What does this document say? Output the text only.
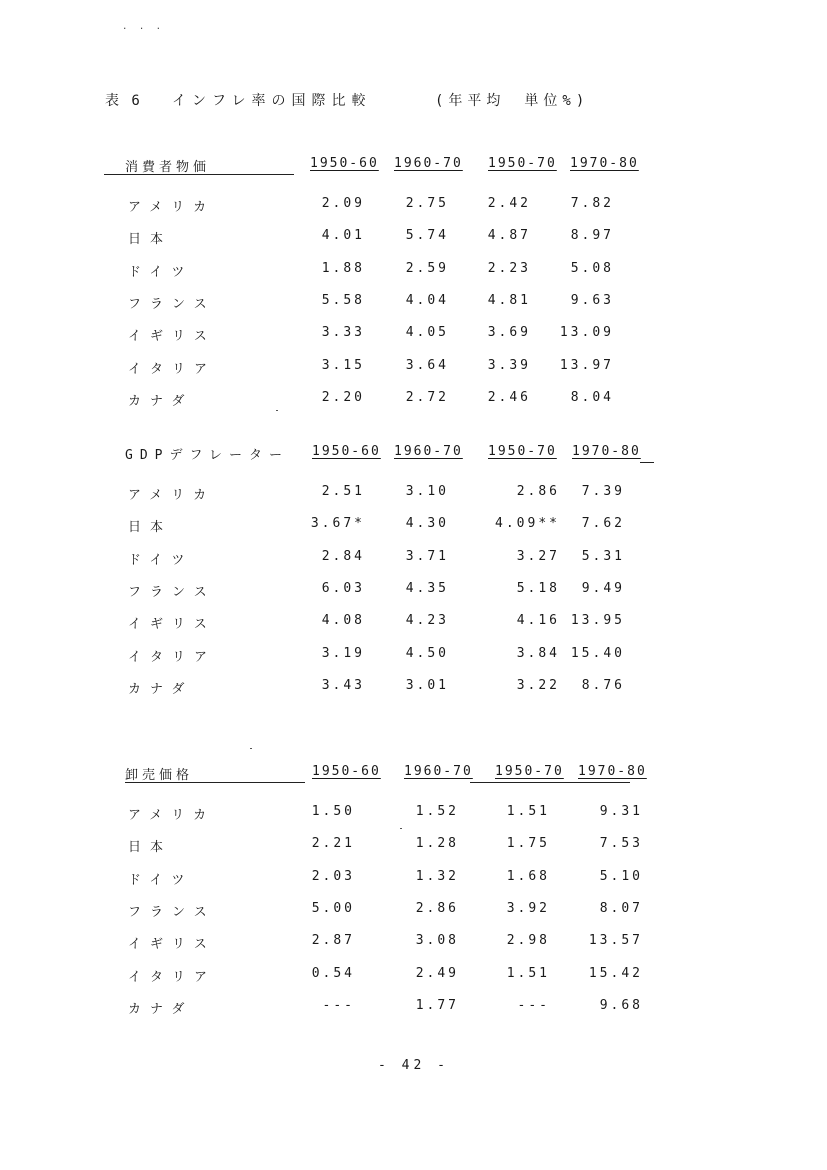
. . .
表 6 インフレ率の国際比較	(年平均　単位%)
消費者物価	1950-60 1960-70 1950-70 1970-80
アメリカ	2.09	2.75	2.42	7.82
日本	4.01	5.74	4.87	8.97
ドイツ	1.88	2.59	2.23	5.08
フランス	5.58	4.04	4.81	9.63
イギリス	3.33	4.05	3.69	13.09
イタリア	3.15	3.64	3.39	13.97
カナダ	2.20	2.72	2.46	8.04
GDPデフレーター 1950-60 1960-70 1950-70 1970-80
アメリカ	2.51	3.10	2.86	7.39
日本	3.67*	4.30	4.09**	7.62
ドイツ	2.84	3.71	3.27	5.31
フランス	6.03	4.35	5.18	9.49
イギリス	4.08	4.23	4.16 13.95
イタリア	3.19	4.50	3.84 15.40
カナダ	3.43	3.01	3.22	8.76
卸売価格	1950-60 1960-70 1950-70 1970-80
アメリカ	1.50	1.52	1.51	9.31
日本	2.21	1.28	1.75	7.53
ドイツ	2.03	1.32	1.68	5.10
フランス	5.00	2.86	3.92	8.07
イギリス	2.87	3.08	2.98	13.57
イタリア	0.54	2.49	1.51	15.42
カナダ	---	1.77	---	9.68
- 42 -
